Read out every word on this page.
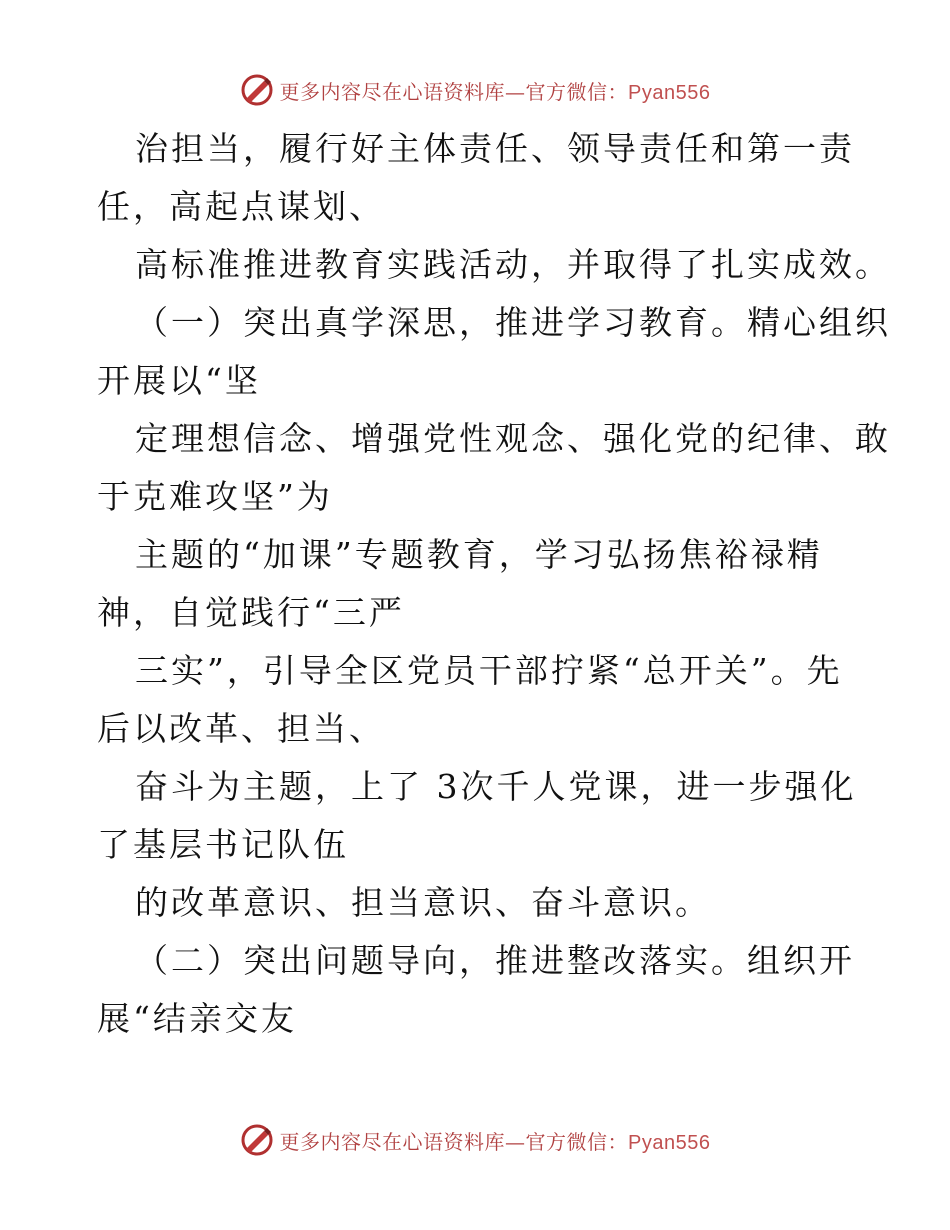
更多内容尽在心语资料库—官方微信：Pyan556
治担当，履行好主体责任、领导责任和第一责
任，高起点谋划、
高标准推进教育实践活动，并取得了扎实成效。
（一）突出真学深思，推进学习教育。精心组织
开展以“坚
定理想信念、增强党性观念、强化党的纪律、敢
于克难攻坚”为
主题的“加课”专题教育，学习弘扬焦裕禄精
神，自觉践行“三严
三实”，引导全区党员干部拧紧“总开关”。先
后以改革、担当、
奋斗为主题，上了 3次千人党课，进一步强化
了基层书记队伍
的改革意识、担当意识、奋斗意识。
（二）突出问题导向，推进整改落实。组织开
展“结亲交友
更多内容尽在心语资料库—官方微信：Pyan556
